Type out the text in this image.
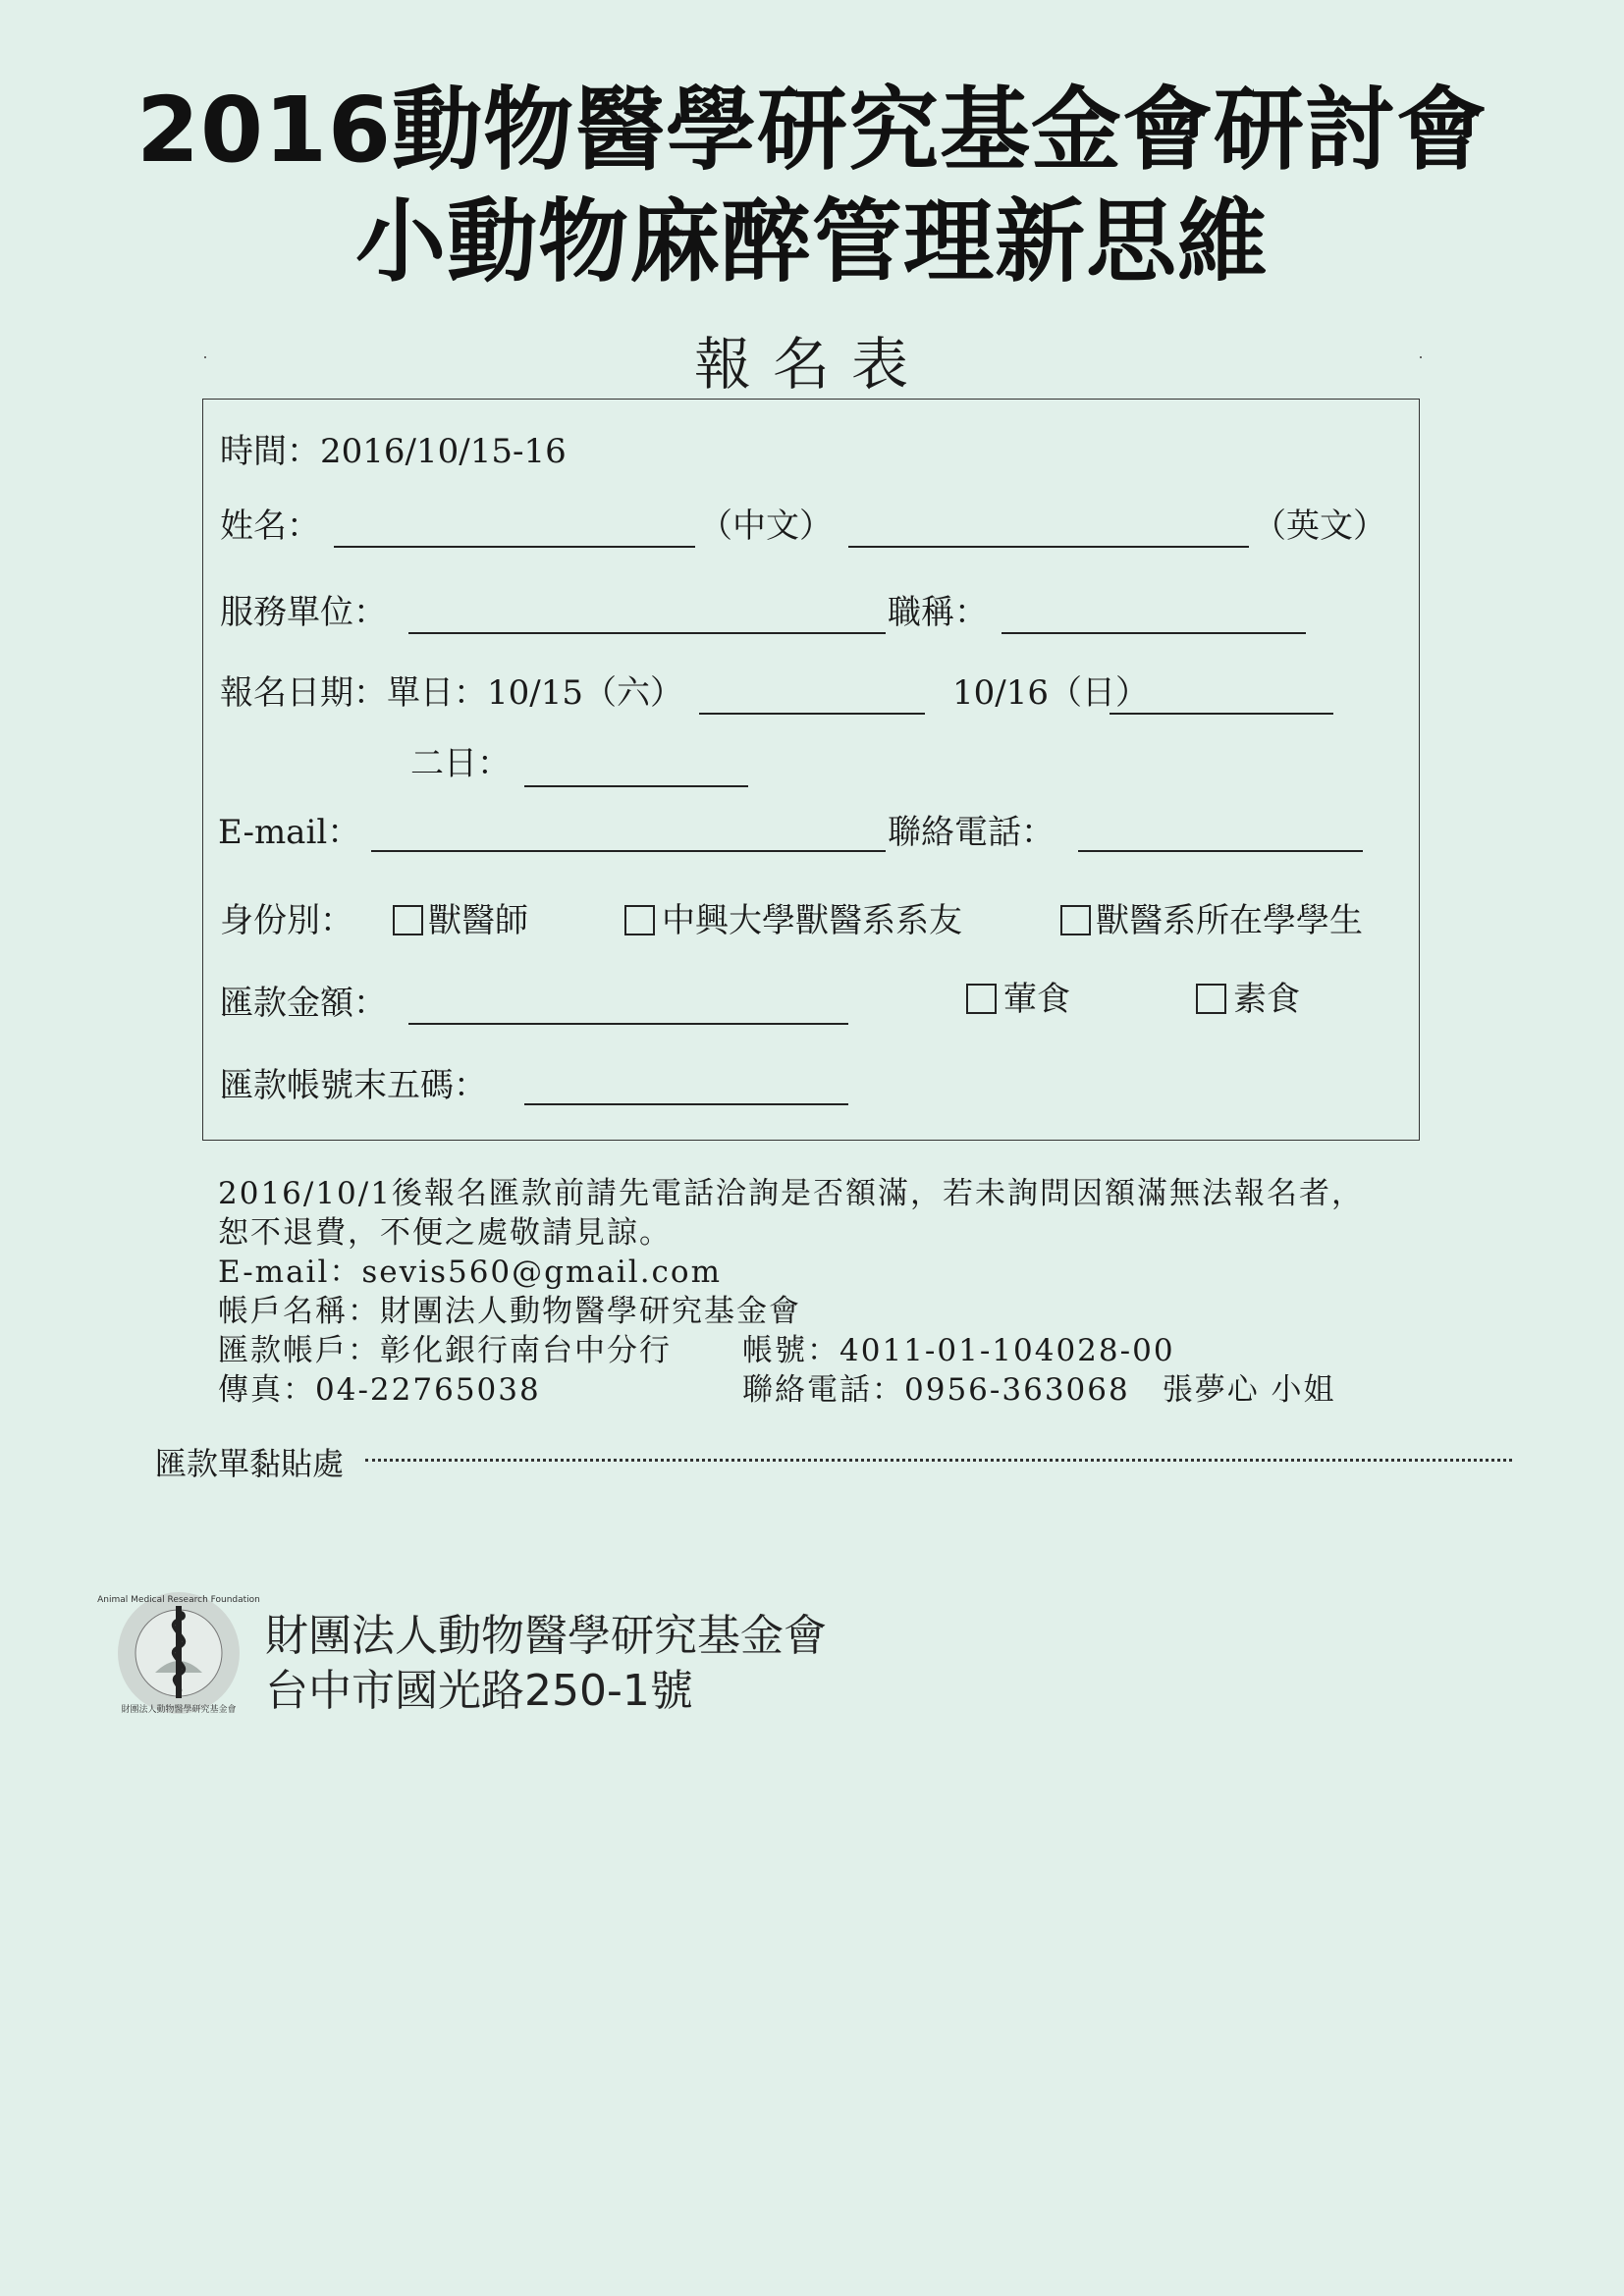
2016動物醫學研究基金會研討會
小動物麻醉管理新思維
報名表
時間：2016/10/15-16
姓名：	（中文）	（英文）
服務單位：	職稱：
報名日期：單日：10/15（六）	10/16（日）
二日：
E-mail：	聯絡電話：
身份別： 獸醫師	中興大學獸醫系系友	獸醫系所在學學生
匯款金額：	葷食	素食
匯款帳號末五碼：
2016/10/1後報名匯款前請先電話洽詢是否額滿，若未詢問因額滿無法報名者，
恕不退費，不便之處敬請見諒。
E-mail：sevis560@gmail.com
帳戶名稱：財團法人動物醫學研究基金會
匯款帳戶：彰化銀行南台中分行 帳號：4011-01-104028-00
傳真：04-22765038	聯絡電話：0956-363068　張夢心 小姐
匯款單黏貼處
Animal Medical Research Foundation
財團法人動物醫學研究基金會
財團法人動物醫學研究基金會
台中市國光路250-1號
